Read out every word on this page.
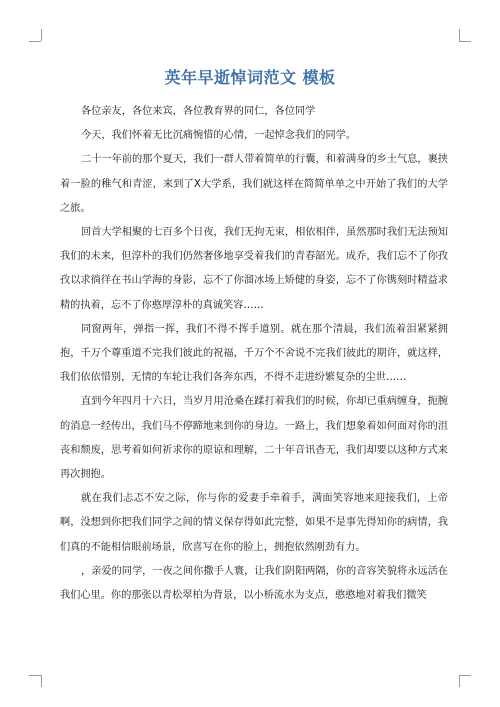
英年早逝悼词范文 模板

各位亲友，各位来宾，各位教育界的同仁，各位同学

今天，我们怀着无比沉痛惋惜的心情，一起悼念我们的同学。

二十一年前的那个夏天，我们一群人带着简单的行囊，和着满身的乡土气息，裹挟着一脸的稚气和青涩，来到了X大学系，我们就这样在简简单单之中开始了我们的大学之旅。

回首大学相聚的七百多个日夜，我们无拘无束，相依相伴，虽然那时我们无法预知我们的未来，但淳朴的我们仍然奢侈地享受着我们的青春韶光。成乔，我们忘不了你孜孜以求徜徉在书山学海的身影，忘不了你溜冰场上矫健的身姿，忘不了你镌刻时精益求精的执着，忘不了你憨厚淳朴的真诚笑容……

同窗两年，弹指一挥，我们不得不挥手道别。就在那个清晨，我们流着泪紧紧拥抱，千万个尊重道不完我们彼此的祝福，千万个不舍说不完我们彼此的期许，就这样，我们依依惜别，无情的车轮让我们各奔东西，不得不走进纷繁复杂的尘世……

直到今年四月十六日，当岁月用沧桑在蹂打着我们的时候，你却已重病缠身，扼腕的消息一经传出，我们马不停蹄地来到你的身边。一路上，我们想象着如何面对你的沮丧和颓废，思考着如何祈求你的原谅和理解，二十年音讯杳无，我们却要以这种方式来再次拥抱。

就在我们忐忑不安之际，你与你的爱妻手牵着手，满面笑容地来迎接我们，上帝啊，没想到你把我们同学之间的情义保存得如此完整，如果不是事先得知你的病情，我们真的不能相信眼前场景，欣喜写在你的脸上，拥抱依然刚劲有力。

，亲爱的同学，一夜之间你撒手人寰，让我们阴阳两隔，你的音容笑貌将永远活在我们心里。你的那张以青松翠柏为背景，以小桥流水为支点，憨憨地对着我们微笑
